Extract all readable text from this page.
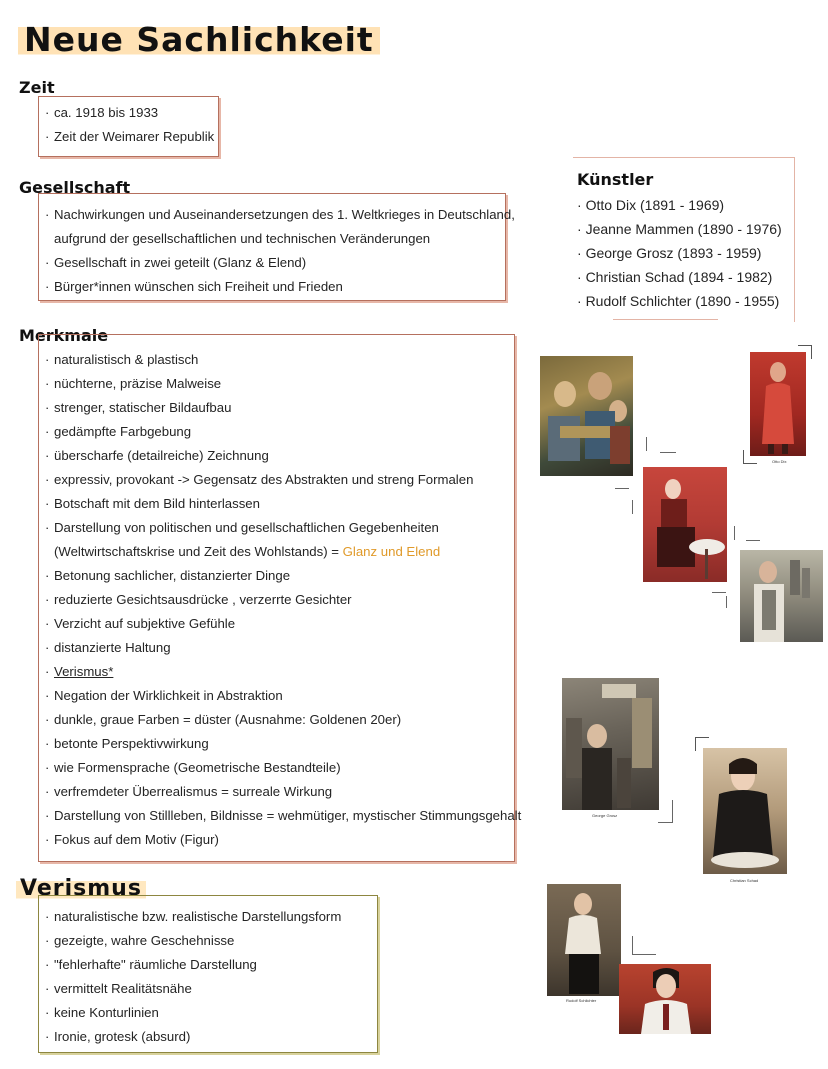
Neue Sachlichkeit
Zeit
· ca. 1918 bis 1933
· Zeit der Weimarer Republik
Gesellschaft
· Nachwirkungen und Auseinandersetzungen des 1. Weltkrieges in Deutschland,
aufgrund der gesellschaftlichen und technischen Veränderungen
· Gesellschaft in zwei geteilt (Glanz & Elend)
· Bürger*innen wünschen sich Freiheit und Frieden
Künstler
· Otto Dix (1891 - 1969)
· Jeanne Mammen (1890 - 1976)
· George Grosz (1893 - 1959)
· Christian Schad (1894 - 1982)
· Rudolf Schlichter (1890 - 1955)
Merkmale
· naturalistisch & plastisch
· nüchterne, präzise Malweise
· strenger, statischer Bildaufbau
· gedämpfte Farbgebung
· überscharfe (detailreiche) Zeichnung
· expressiv, provokant -> Gegensatz des Abstrakten und streng Formalen
· Botschaft mit dem Bild hinterlassen
· Darstellung von politischen und gesellschaftlichen Gegebenheiten
(Weltwirtschaftskrise und Zeit des Wohlstands) = Glanz und Elend
· Betonung sachlicher, distanzierter Dinge
· reduzierte Gesichtsausdrücke , verzerrte Gesichter
· Verzicht auf subjektive Gefühle
· distanzierte Haltung
· Verismus*
· Negation der Wirklichkeit in Abstraktion
· dunkle, graue Farben = düster (Ausnahme: Goldenen 20er)
· betonte Perspektivwirkung
· wie Formensprache (Geometrische Bestandteile)
· verfremdeter Überrealismus = surreale Wirkung
· Darstellung von Stillleben, Bildnisse = wehmütiger, mystischer Stimmungsgehalt
· Fokus auf dem Motiv (Figur)
Verismus
· naturalistische bzw. realistische Darstellungsform
· gezeigte, wahre Geschehnisse
· "fehlerhafte" räumliche Darstellung
· vermittelt Realitätsnähe
· keine Konturlinien
· Ironie, grotesk (absurd)
Otto Dix
George Grosz
Christian Schad
Rudolf Schlichter
